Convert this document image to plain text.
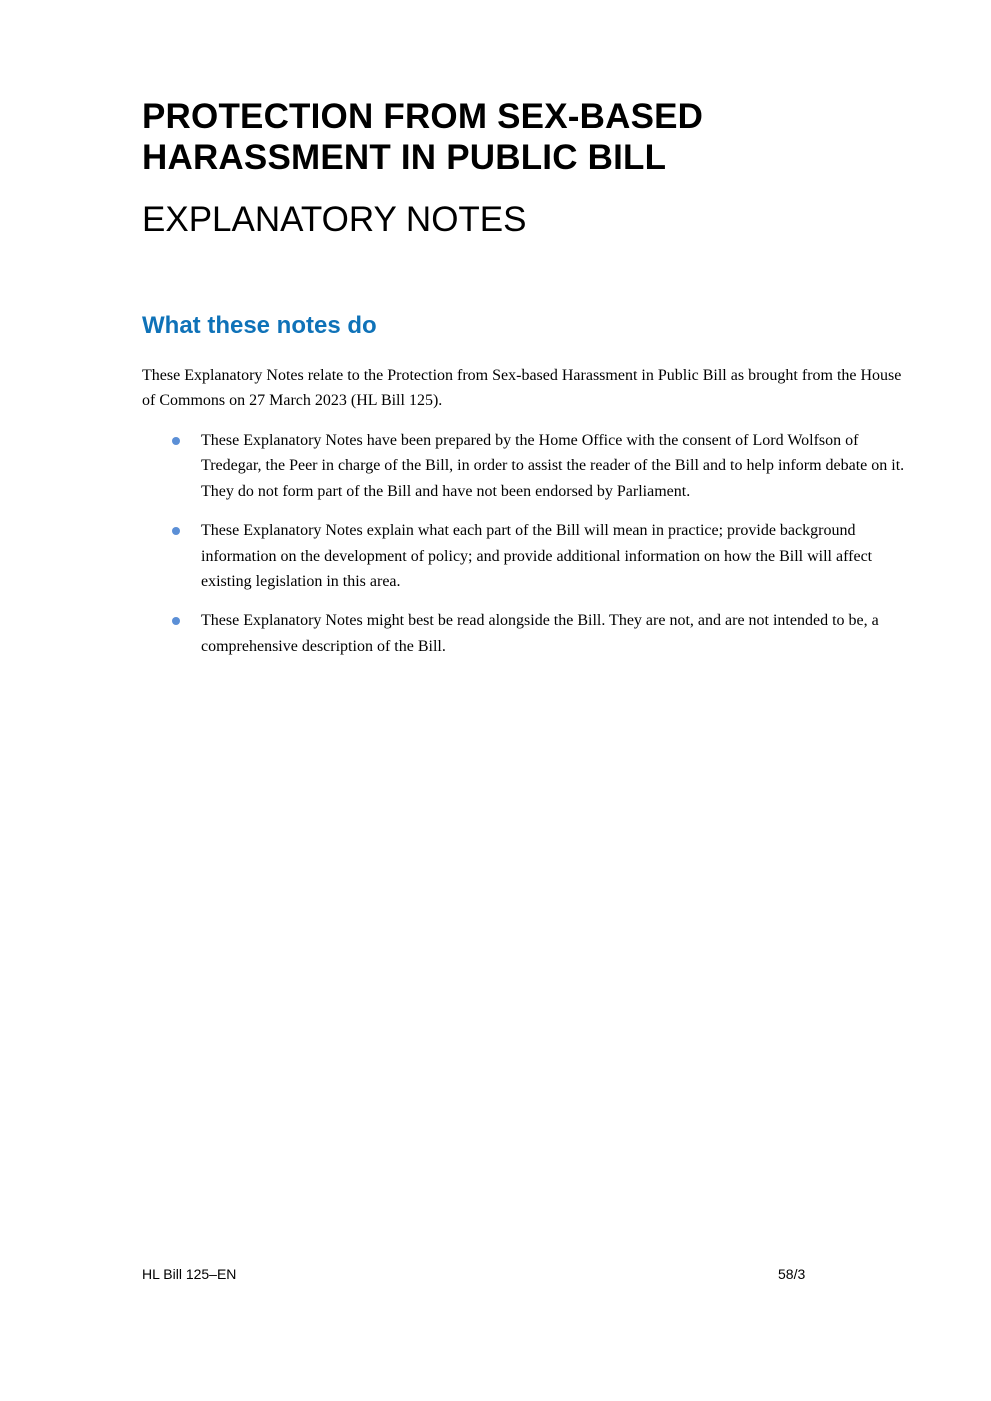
PROTECTION FROM SEX-BASED
HARASSMENT IN PUBLIC BILL
EXPLANATORY NOTES
What these notes do

These Explanatory Notes relate to the Protection from Sex-based Harassment in Public Bill as brought from the House of Commons on 27 March 2023 (HL Bill 125).

These Explanatory Notes have been prepared by the Home Office with the consent of Lord Wolfson of Tredegar, the Peer in charge of the Bill, in order to assist the reader of the Bill and to help inform debate on it. They do not form part of the Bill and have not been endorsed by Parliament.
These Explanatory Notes explain what each part of the Bill will mean in practice; provide background information on the development of policy; and provide additional information on how the Bill will affect existing legislation in this area.
These Explanatory Notes might best be read alongside the Bill. They are not, and are not intended to be, a comprehensive description of the Bill.
HL Bill 125–EN	58/3
